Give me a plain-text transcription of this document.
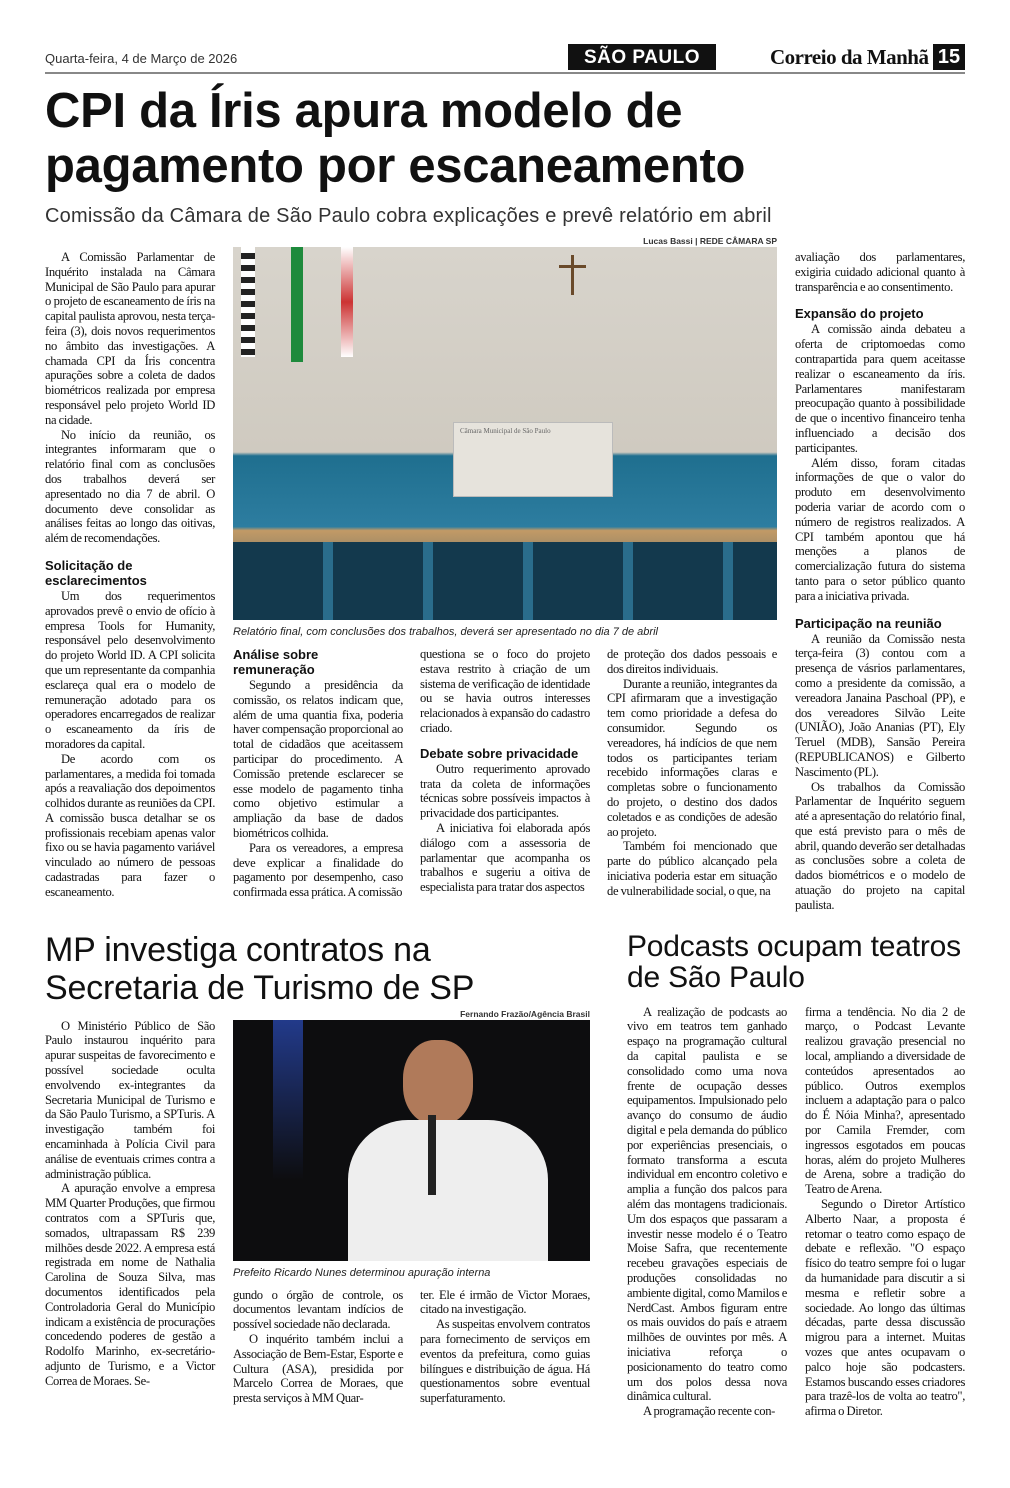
Quarta-feira, 4 de Março de 2026	SÃO PAULO	Correio da Manhã 15
CPI da Íris apura modelo de pagamento por escaneamento
Comissão da Câmara de São Paulo cobra explicações e prevê relatório em abril

A Comissão Parlamentar de Inquérito instalada na Câmara Municipal de São Paulo para apurar o projeto de escaneamento de íris na capital paulista aprovou, nesta terça-feira (3), dois novos requerimentos no âmbito das investigações. A chamada CPI da Íris concentra apurações sobre a coleta de dados biométricos realizada por empresa responsável pelo projeto World ID na cidade.

No início da reunião, os integrantes informaram que o relatório final com as conclusões dos trabalhos deverá ser apresentado no dia 7 de abril. O documento deve consolidar as análises feitas ao longo das oitivas, além de recomendações.

Solicitação de esclarecimentos

Um dos requerimentos aprovados prevê o envio de ofício à empresa Tools for Humanity, responsável pelo desenvolvimento do projeto World ID. A CPI solicita que um representante da companhia esclareça qual era o modelo de remuneração adotado para os operadores encarregados de realizar o escaneamento da íris de moradores da capital.

De acordo com os parlamentares, a medida foi tomada após a reavaliação dos depoimentos colhidos durante as reuniões da CPI. A comissão busca detalhar se os profissionais recebiam apenas valor fixo ou se havia pagamento variável vinculado ao número de pessoas cadastradas para fazer o escaneamento.

Lucas Bassi | REDE CÂMARA SP
Câmara Municipal de São Paulo
Relatório final, com conclusões dos trabalhos, deverá ser apresentado no dia 7 de abril
Análise sobre remuneração

Segundo a presidência da comissão, os relatos indicam que, além de uma quantia fixa, poderia haver compensação proporcional ao total de cidadãos que aceitassem participar do procedimento. A Comissão pretende esclarecer se esse modelo de pagamento tinha como objetivo estimular a ampliação da base de dados biométricos colhida.

Para os vereadores, a empresa deve explicar a finalidade do pagamento por desempenho, caso confirmada essa prática. A comissão

questiona se o foco do projeto estava restrito à criação de um sistema de verificação de identidade ou se havia outros interesses relacionados à expansão do cadastro criado.

Debate sobre privacidade

Outro requerimento aprovado trata da coleta de informações técnicas sobre possíveis impactos à privacidade dos participantes.

A iniciativa foi elaborada após diálogo com a assessoria de parlamentar que acompanha os trabalhos e sugeriu a oitiva de especialista para tratar dos aspectos

de proteção dos dados pessoais e dos direitos individuais.

Durante a reunião, integrantes da CPI afirmaram que a investigação tem como prioridade a defesa do consumidor. Segundo os vereadores, há indícios de que nem todos os participantes teriam recebido informações claras e completas sobre o funcionamento do projeto, o destino dos dados coletados e as condições de adesão ao projeto.

Também foi mencionado que parte do público alcançado pela iniciativa poderia estar em situação de vulnerabilidade social, o que, na

avaliação dos parlamentares, exigiria cuidado adicional quanto à transparência e ao consentimento.

Expansão do projeto

A comissão ainda debateu a oferta de criptomoedas como contrapartida para quem aceitasse realizar o escaneamento da íris. Parlamentares manifestaram preocupação quanto à possibilidade de que o incentivo financeiro tenha influenciado a decisão dos participantes.

Além disso, foram citadas informações de que o valor do produto em desenvolvimento poderia variar de acordo com o número de registros realizados. A CPI também apontou que há menções a planos de comercialização futura do sistema tanto para o setor público quanto para a iniciativa privada.

Participação na reunião

A reunião da Comissão nesta terça-feira (3) contou com a presença de vásrios parlamentares, como a presidente da comissão, a vereadora Janaina Paschoal (PP), e dos vereadores Silvão Leite (UNIÃO), João Ananias (PT), Ely Teruel (MDB), Sansão Pereira (REPUBLICANOS) e Gilberto Nascimento (PL).

Os trabalhos da Comissão Parlamentar de Inquérito seguem até a apresentação do relatório final, que está previsto para o mês de abril, quando deverão ser detalhadas as conclusões sobre a coleta de dados biométricos e o modelo de atuação do projeto na capital paulista.

MP investiga contratos na Secretaria de Turismo de SP

O Ministério Público de São Paulo instaurou inquérito para apurar suspeitas de favorecimento e possível sociedade oculta envolvendo ex-integrantes da Secretaria Municipal de Turismo e da São Paulo Turismo, a SPTuris. A investigação também foi encaminhada à Polícia Civil para análise de eventuais crimes contra a administração pública.

A apuração envolve a empresa MM Quarter Produções, que firmou contratos com a SPTuris que, somados, ultrapassam R$ 239 milhões desde 2022. A empresa está registrada em nome de Nathalia Carolina de Souza Silva, mas documentos identificados pela Controladoria Geral do Município indicam a existência de procurações concedendo poderes de gestão a Rodolfo Marinho, ex-secretário-adjunto de Turismo, e a Victor Correa de Moraes. Se-

Fernando Frazão/Agência Brasil
Prefeito Ricardo Nunes determinou apuração interna

gundo o órgão de controle, os documentos levantam indícios de possível sociedade não declarada.

O inquérito também inclui a Associação de Bem-Estar, Esporte e Cultura (ASA), presidida por Marcelo Correa de Moraes, que presta serviços à MM Quar-

ter. Ele é irmão de Victor Moraes, citado na investigação.

As suspeitas envolvem contratos para fornecimento de serviços em eventos da prefeitura, como guias bilíngues e distribuição de água. Há questionamentos sobre eventual superfaturamento.

Podcasts ocupam teatros de São Paulo

A realização de podcasts ao vivo em teatros tem ganhado espaço na programação cultural da capital paulista e se consolidado como uma nova frente de ocupação desses equipamentos. Impulsionado pelo avanço do consumo de áudio digital e pela demanda do público por experiências presenciais, o formato transforma a escuta individual em encontro coletivo e amplia a função dos palcos para além das montagens tradicionais. Um dos espaços que passaram a investir nesse modelo é o Teatro Moise Safra, que recentemente recebeu gravações especiais de produções consolidadas no ambiente digital, como Mamilos e NerdCast. Ambos figuram entre os mais ouvidos do país e atraem milhões de ouvintes por mês. A iniciativa reforça o posicionamento do teatro como um dos polos dessa nova dinâmica cultural.

A programação recente con-

firma a tendência. No dia 2 de março, o Podcast Levante realizou gravação presencial no local, ampliando a diversidade de conteúdos apresentados ao público. Outros exemplos incluem a adaptação para o palco do É Nóia Minha?, apresentado por Camila Fremder, com ingressos esgotados em poucas horas, além do projeto Mulheres de Arena, sobre a tradição do Teatro de Arena.

Segundo o Diretor Artístico Alberto Naar, a proposta é retomar o teatro como espaço de debate e reflexão. "O espaço físico do teatro sempre foi o lugar da humanidade para discutir a si mesma e refletir sobre a sociedade. Ao longo das últimas décadas, parte dessa discussão migrou para a internet. Muitas vozes que antes ocupavam o palco hoje são podcasters. Estamos buscando esses criadores para trazê-los de volta ao teatro", afirma o Diretor.
